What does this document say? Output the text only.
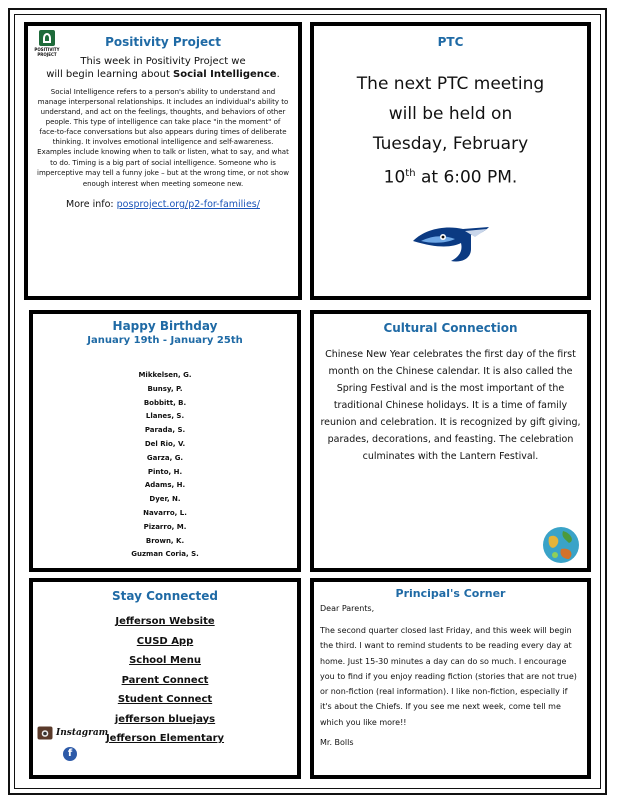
POSITIVITY PROJECT
Positivity Project
This week in Positivity Project we
will begin learning about Social Intelligence.
Social Intelligence refers to a person's ability to understand and manage interpersonal relationships. It includes an individual's ability to understand, and act on the feelings, thoughts, and behaviors of other people. This type of intelligence can take place "in the moment" of face-to-face conversations but also appears during times of deliberate thinking. It involves emotional intelligence and self-awareness.
Examples include knowing when to talk or listen, what to say, and what to do. Timing is a big part of social intelligence. Someone who is imperceptive may tell a funny joke – but at the wrong time, or not show enough interest when meeting someone new.
More info: posproject.org/p2-for-families/
PTC
The next PTC meeting
will be held on
Tuesday, February
10th at 6:00 PM.
Happy Birthday
January 19th - January 25th
Mikkelsen, G.
Bunsy, P.
Bobbitt, B.
Llanes, S.
Parada, S.
Del Rio, V.
Garza, G.
Pinto, H.
Adams, H.
Dyer, N.
Navarro, L.
Pizarro, M.
Brown, K.
Guzman Coria, S.
Cultural Connection
Chinese New Year celebrates the first day of the first month on the Chinese calendar. It is also called the Spring Festival and is the most important of the traditional Chinese holidays. It is a time of family reunion and celebration. It is recognized by gift giving, parades, decorations, and feasting. The celebration culminates with the Lantern Festival.
Stay Connected
Jefferson Website
CUSD App
School Menu
Parent Connect
Student Connect
jefferson bluejays
Jefferson Elementary
Instagram
f
Principal's Corner
Dear Parents,
The second quarter closed last Friday, and this week will begin the third. I want to remind students to be reading every day at home. Just 15-30 minutes a day can do so much. I encourage you to find if you enjoy reading fiction (stories that are not true) or non-fiction (real information). I like non-fiction, especially if it's about the Chiefs. If you see me next week, come tell me which you like more!!
Mr. Bolls
